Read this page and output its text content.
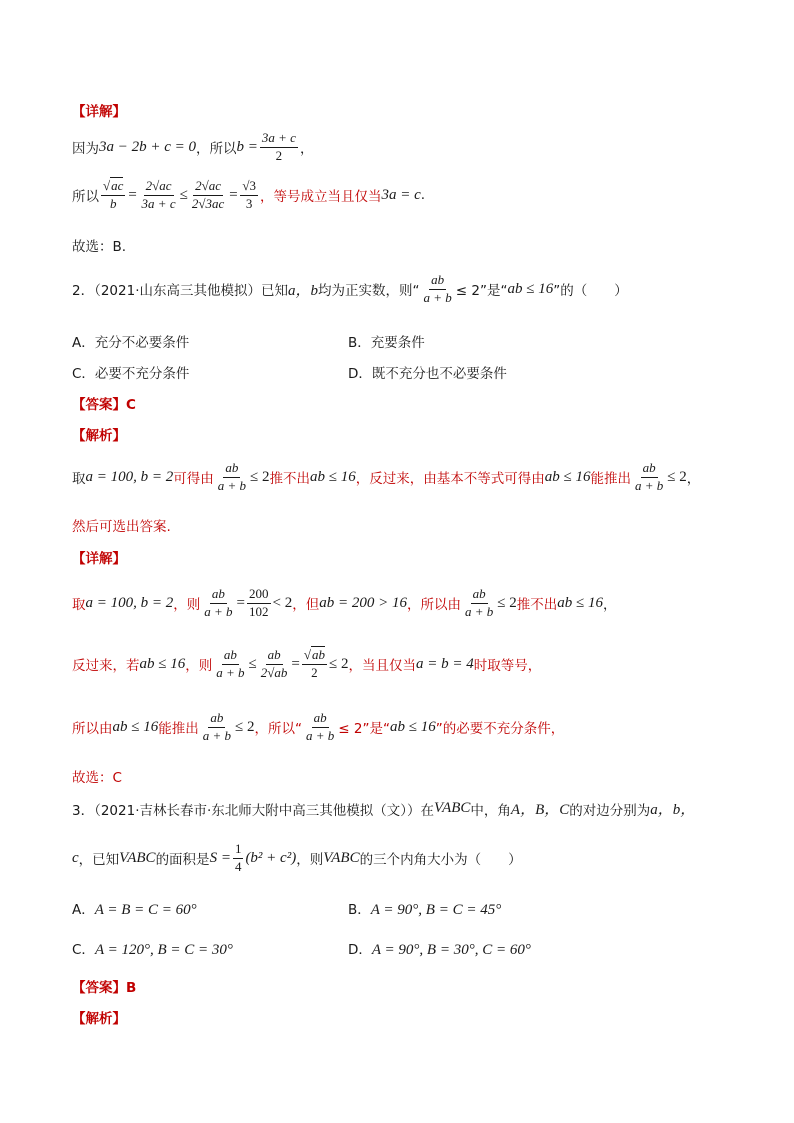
【详解】
因为 3a − 2b + c = 0 ，所以 $b = \frac{3a + c}{2}$ ，
所以 $\frac{√ac}{b} = \frac{2√ac}{3a + c} \le \frac{2√ac}{2√3ac} = \frac{√3}{3}$ ，等号成立当且仅当 3a = c .
故选：B.
2．（2021·山东高三其他模拟）已知 a，b 均为正实数，则“ $\frac{ab}{a + b} \le 2$”是“ ab ≤ 16 ”的（　　）
A．充分不必要条件	B．充要条件
C．必要不充分条件	D．既不充分也不必要条件
【答案】C
【解析】
取 a = 100, b = 2 可得由 $\frac{ab}{a + b} \le 2$ 推不出 ab ≤ 16 ，反过来，由基本不等式可得由 ab ≤ 16 能推出 $\frac{ab}{a + b} \le 2$ ，
然后可选出答案.
【详解】
取 a = 100, b = 2 ，则 $\frac{ab}{a + b} = \frac{200}{102} < 2$ ，但 ab = 200 > 16 ，所以由 $\frac{ab}{a + b} \le 2$ 推不出 ab ≤ 16 ，
反过来，若 ab ≤ 16 ，则 $\frac{ab}{a + b} \le \frac{ab}{2√ab} = \frac{√ab}{2} \le 2$ ，当且仅当 a = b = 4 时取等号，
所以由 ab ≤ 16 能推出 $\frac{ab}{a + b} \le 2$ ，所以“ $\frac{ab}{a + b} \le 2$”是“ ab ≤ 16 ”的必要不充分条件，
故选：C
3．（2021·吉林长春市·东北师大附中高三其他模拟（文））在 VABC 中，角 A，B，C 的对边分别为 a，b，
c ，已知 VABC 的面积是 $S = \frac{1}{4} (b^2 + c^2)$ ，则 VABC 的三个内角大小为（　　）
A．A = B = C = 60°	B．A = 90°, B = C = 45°
C．A = 120°, B = C = 30°	D．A = 90°, B = 30°, C = 60°
【答案】B
【解析】
